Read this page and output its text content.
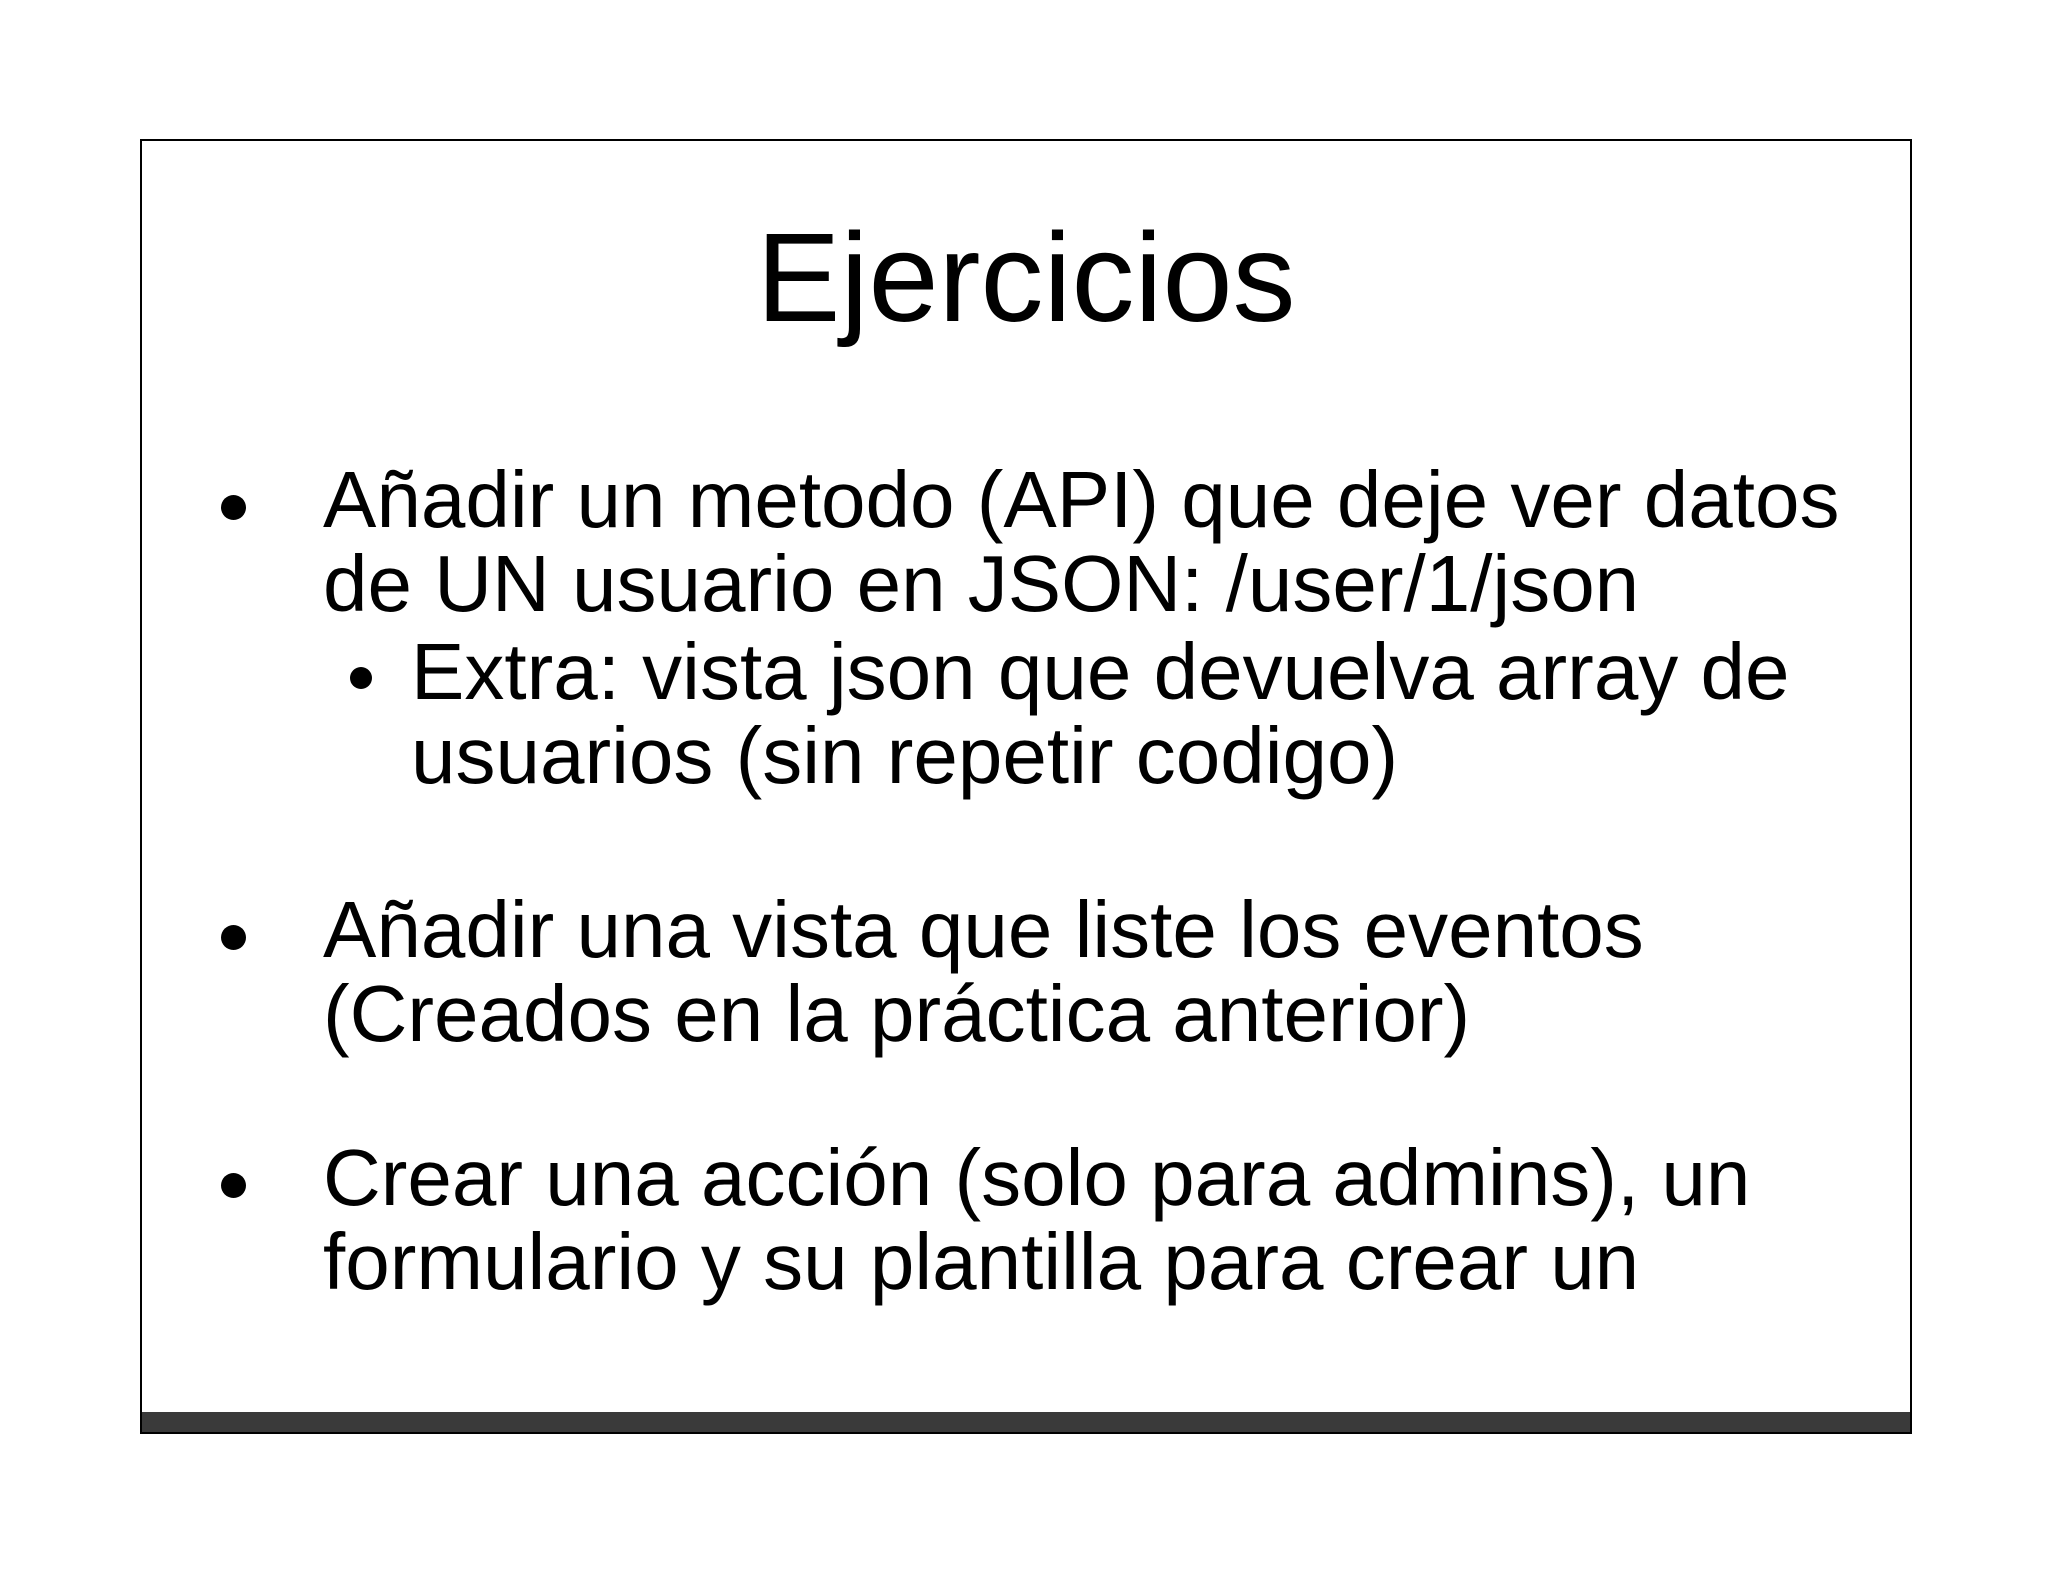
Ejercicios
Añadir un metodo (API) que deje ver datos de UN usuario en JSON: /user/1/json
Extra: vista json que devuelva array de usuarios (sin repetir codigo)
Añadir una vista que liste los eventos (Creados en la práctica anterior)
Crear una acción (solo para admins), un formulario y su plantilla para crear un
